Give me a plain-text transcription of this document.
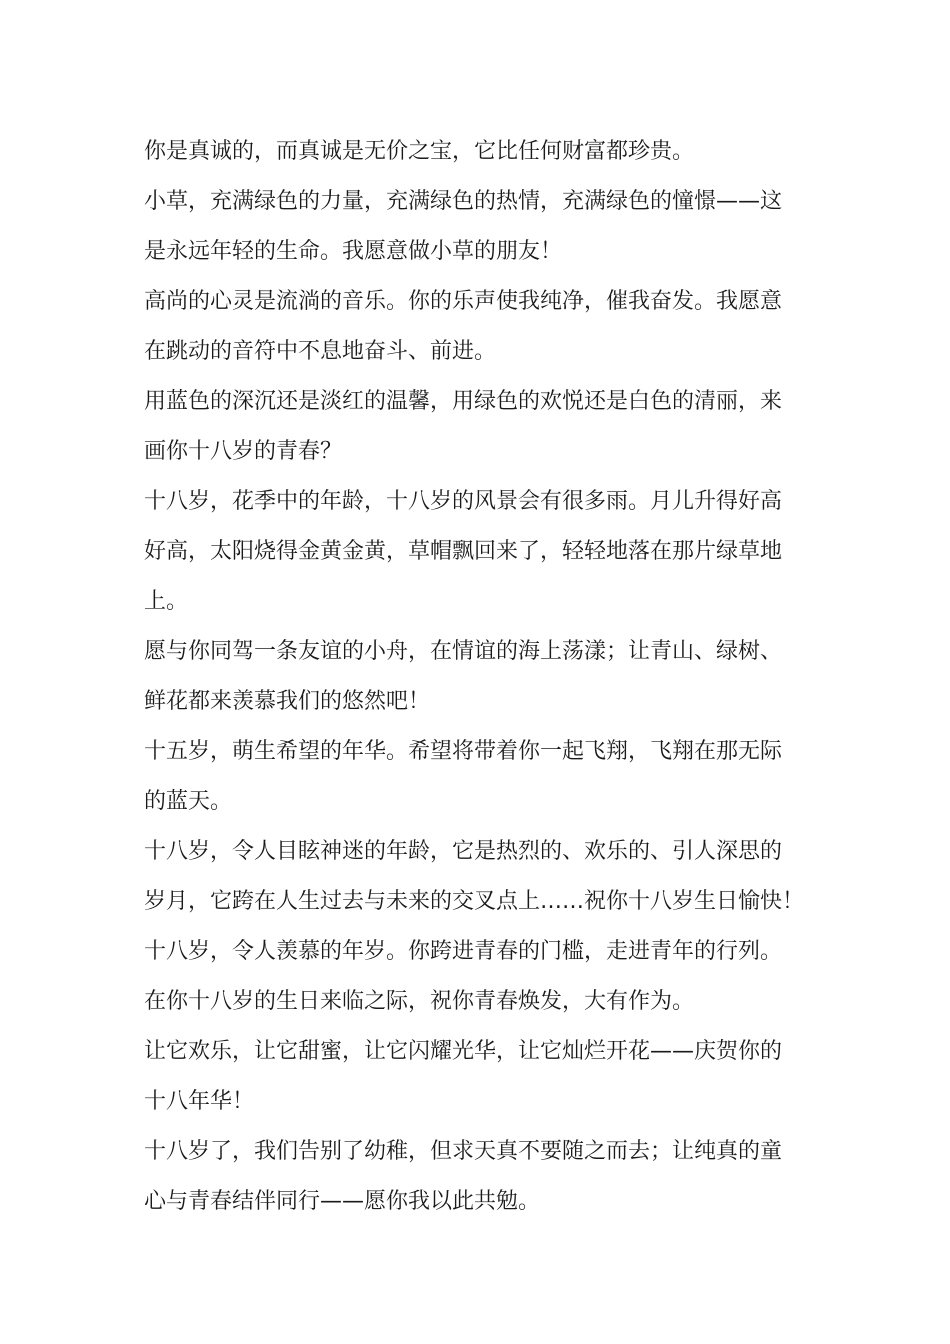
你是真诚的，而真诚是无价之宝，它比任何财富都珍贵。

小草，充满绿色的力量，充满绿色的热情，充满绿色的憧憬——这
是永远年轻的生命。我愿意做小草的朋友！

高尚的心灵是流淌的音乐。你的乐声使我纯净，催我奋发。我愿意
在跳动的音符中不息地奋斗、前进。

用蓝色的深沉还是淡红的温馨，用绿色的欢悦还是白色的清丽，来
画你十八岁的青春？

十八岁，花季中的年龄，十八岁的风景会有很多雨。月儿升得好高
好高，太阳烧得金黄金黄，草帽飘回来了，轻轻地落在那片绿草地
上。

愿与你同驾一条友谊的小舟，在情谊的海上荡漾；让青山、绿树、
鲜花都来羡慕我们的悠然吧！

十五岁，萌生希望的年华。希望将带着你一起飞翔，飞翔在那无际
的蓝天。

十八岁，令人目眩神迷的年龄，它是热烈的、欢乐的、引人深思的
岁月，它跨在人生过去与未来的交叉点上……祝你十八岁生日愉快！

十八岁，令人羡慕的年岁。你跨进青春的门槛，走进青年的行列。
在你十八岁的生日来临之际，祝你青春焕发，大有作为。

让它欢乐，让它甜蜜，让它闪耀光华，让它灿烂开花——庆贺你的
十八年华！

十八岁了，我们告别了幼稚，但求天真不要随之而去；让纯真的童
心与青春结伴同行——愿你我以此共勉。
